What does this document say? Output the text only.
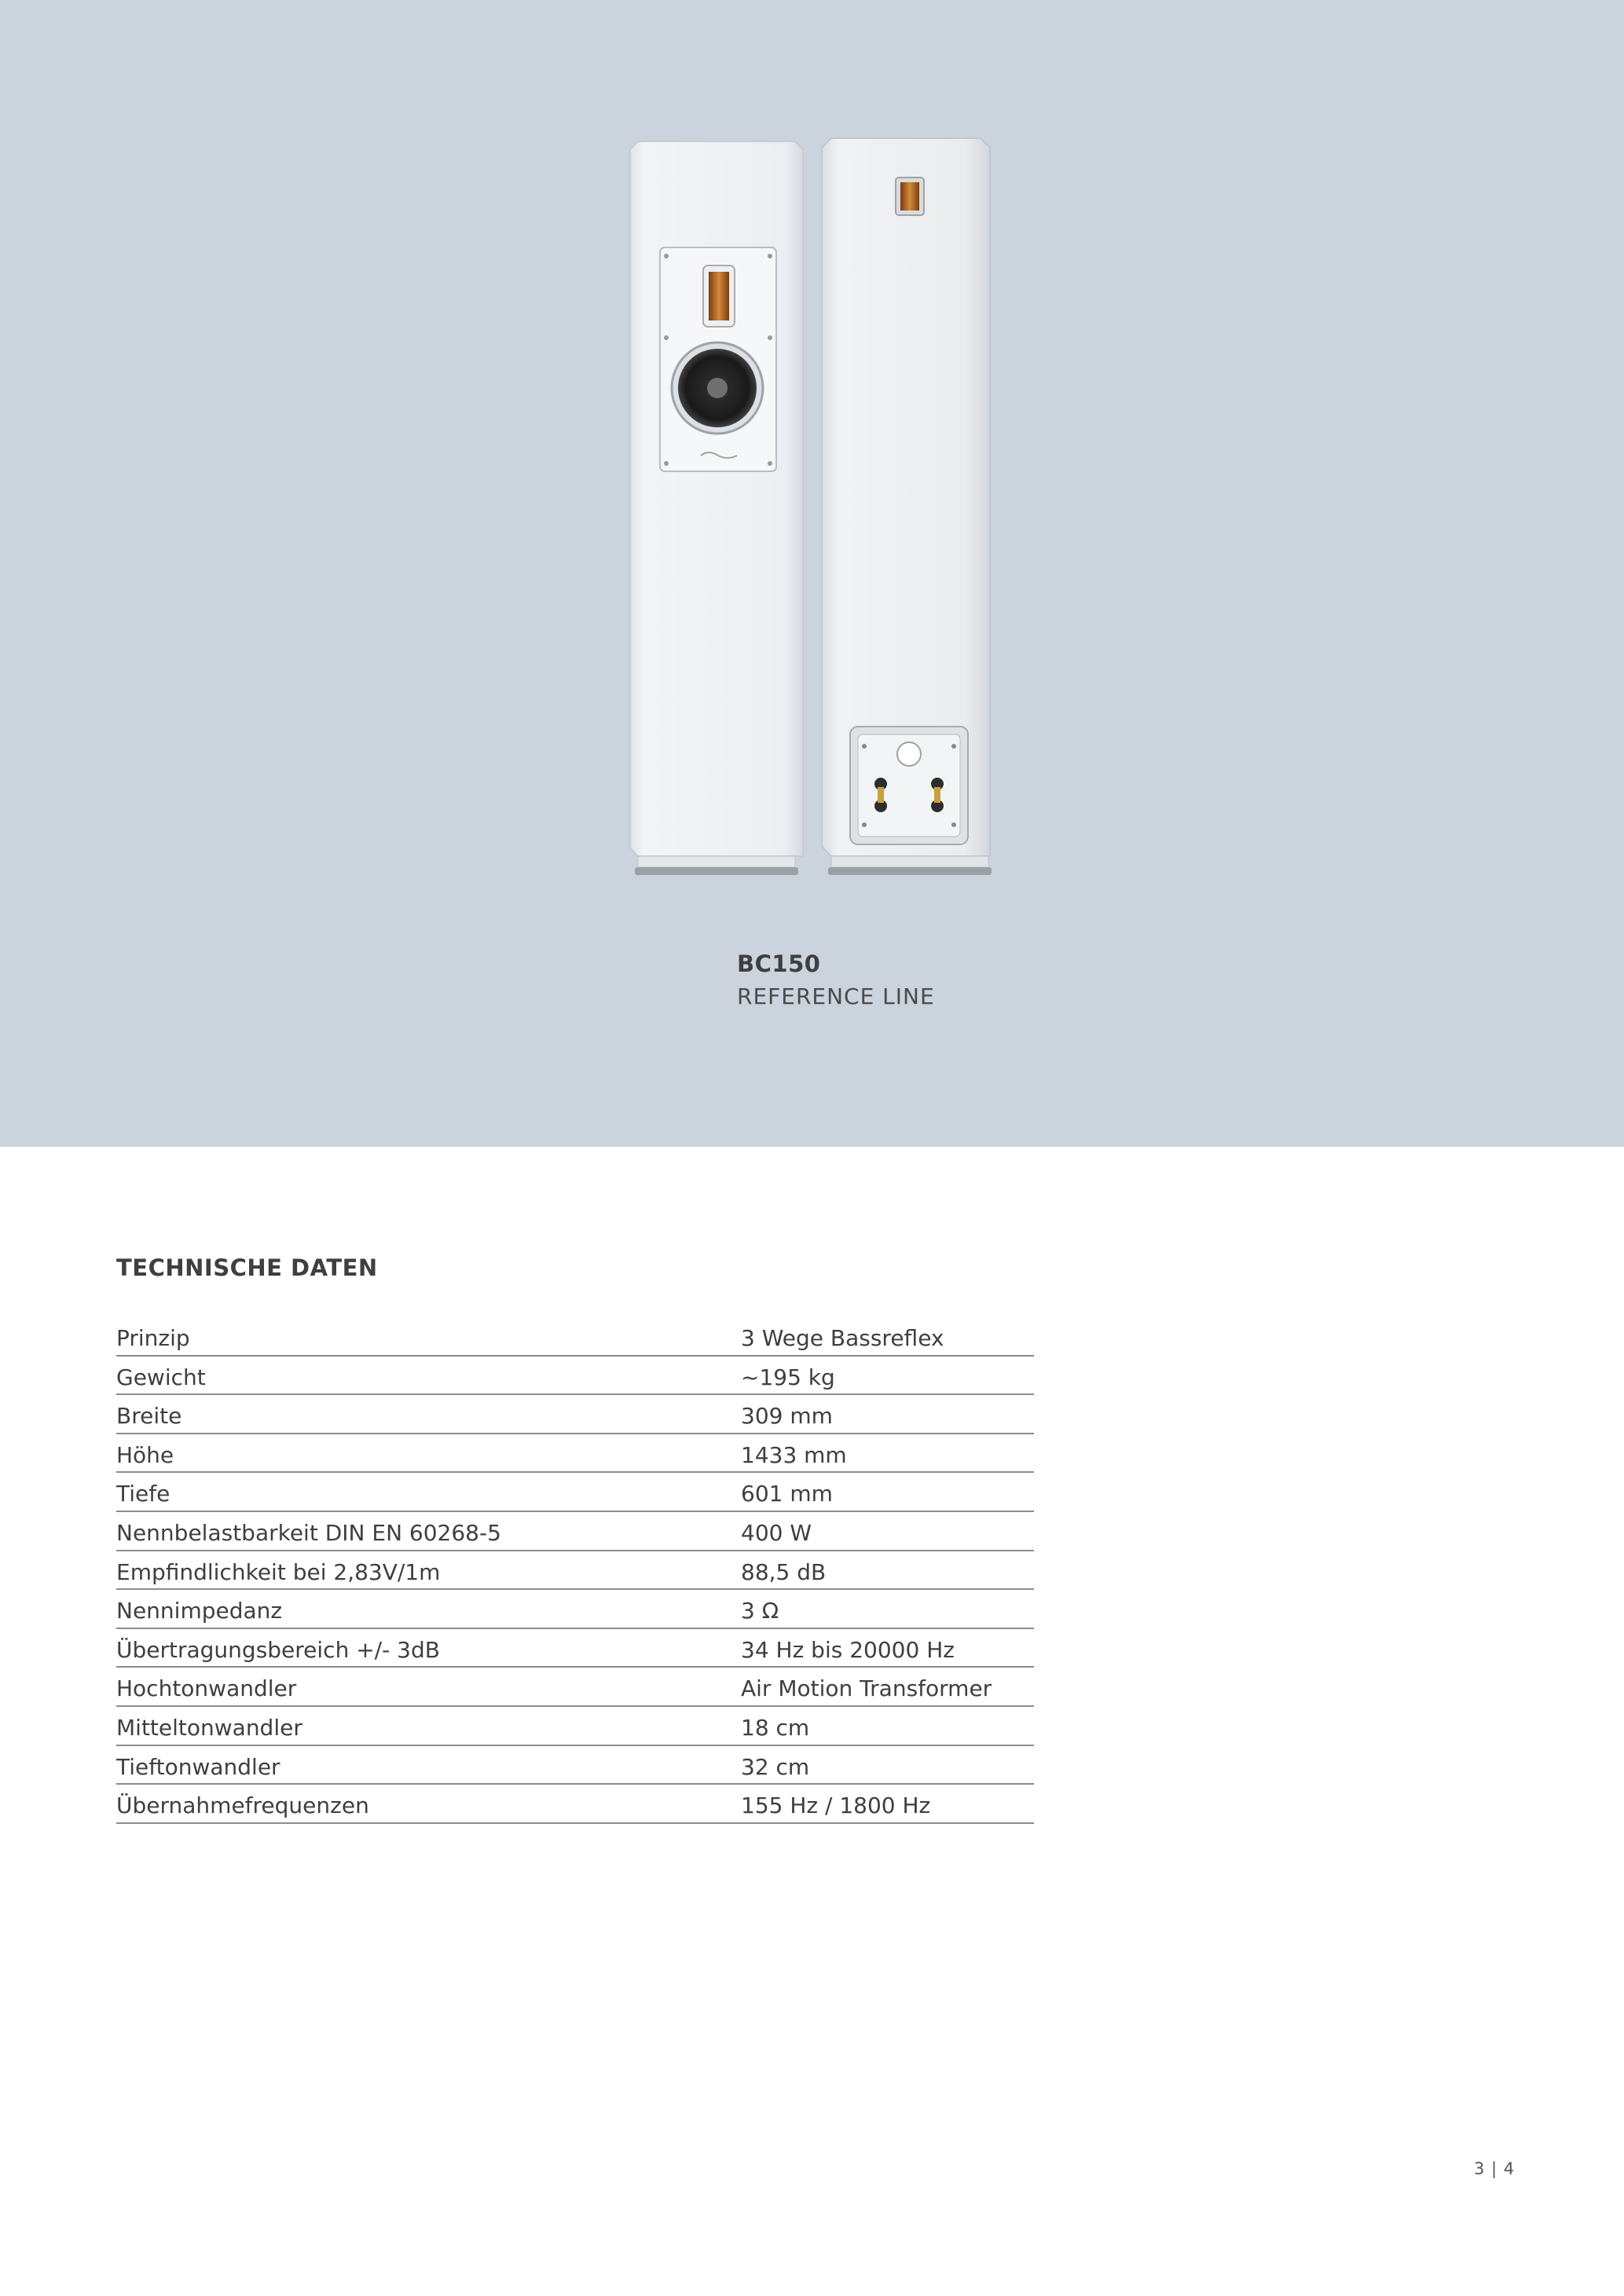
BC150
REFERENCE LINE
TECHNISCHE DATEN
Prinzip	3 Wege Bassreflex
Gewicht	~195 kg
Breite	309 mm
Höhe	1433 mm
Tiefe	601 mm
Nennbelastbarkeit DIN EN 60268-5	400 W
Empfindlichkeit bei 2,83V/1m	88,5 dB
Nennimpedanz	3 Ω
Übertragungsbereich +/- 3dB	34 Hz bis 20000 Hz
Hochtonwandler	Air Motion Transformer
Mitteltonwandler	18 cm
Tieftonwandler	32 cm
Übernahmefrequenzen	155 Hz / 1800 Hz
3 | 4
